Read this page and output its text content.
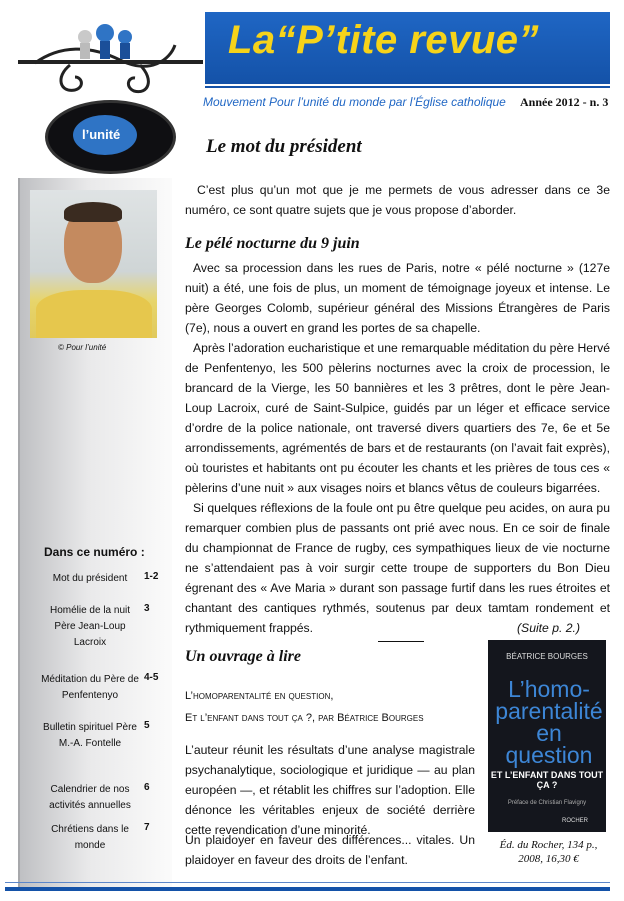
La“P’tite revue”
Mouvement Pour l’unité du monde par l’Église catholique Année 2012 - n. 3
l’unité
© Pour l’unité
Dans ce numéro :
Mot du président	1-2
Homélie de la nuit Père Jean-Loup Lacroix
3
Méditation du Père de Penfentenyo
4-5
Bulletin spirituel Père M.-A. Fontelle
5
Calendrier de nos activités annuelles
6
Chrétiens dans le monde
7
Le mot du président
C’est plus qu’un mot que je me permets de vous adresser dans ce 3e numéro, ce sont quatre sujets que je vous propose d’aborder.
Le pélé nocturne du 9 juin
Avec sa procession dans les rues de Paris, notre « pélé nocturne » (127e nuit) a été, une fois de plus, un moment de témoignage joyeux et intense. Le père Georges Colomb, supérieur général des Missions Étrangères de Paris (7e), nous a ouvert en grand les portes de sa chapelle.
Après l’adoration eucharistique et une remarquable méditation du père Hervé de Penfentenyo, les 500 pèlerins nocturnes avec la croix de procession, le brancard de la Vierge, les 50 bannières et les 3 prêtres, dont le père Jean-Loup Lacroix, curé de Saint-Sulpice, guidés par un léger et efficace service d’ordre de la police nationale, ont traversé divers quartiers des 7e, 6e et 5e arrondissements, agrémentés de bars et de restaurants (on l’avait fait exprès), où touristes et habitants ont pu écouter les chants et les prières de tous ces « pèlerins d’une nuit » aux visages noirs et blancs vêtus de couleurs bigarrées.
Si quelques réflexions de la foule ont pu être quelque peu acides, on aura pu remarquer combien plus de passants ont prié avec nous. En ce soir de finale du championnat de France de rugby, ces sympathiques lieux de vie nocturne ne s’attendaient pas à voir surgir cette troupe de supporters du Bon Dieu égrenant des « Ave Maria » durant son passage furtif dans les rues étroites et chantant des cantiques rythmés, soutenus par deux tamtam rondement et rythmiquement frappés.	(Suite p. 2.)
Un ouvrage à lire
L’homoparentalité en question,
Et l’enfant dans tout ça ?, par Béatrice Bourges
L’auteur réunit les résultats d’une analyse magistrale psychanalytique, sociologique et juridique — au plan européen —, et rétablit les chiffres sur l’adoption. Elle dénonce les véritables enjeux de société derrière cette revendication d’une minorité.
Un plaidoyer en faveur des différences... vitales. Un plaidoyer en faveur des droits de l’enfant.
BÉATRICE BOURGES
L’homo-parentalité en question
ET L’ENFANT DANS TOUT ÇA ?
Préface de Christian Flavigny
ROCHER
Éd. du Rocher, 134 p., 2008, 16,30 €
